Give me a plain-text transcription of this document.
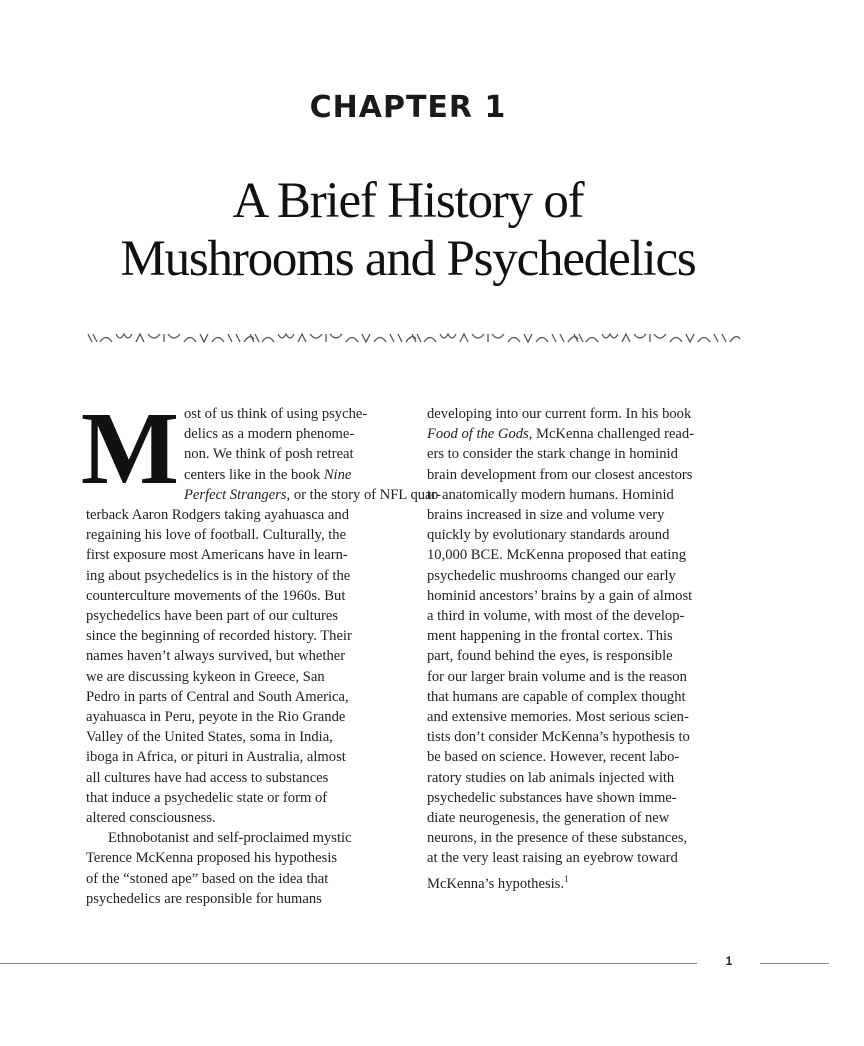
CHAPTER 1
A Brief History of
Mushrooms and Psychedelics
M ost of us think of using psyche-
delics as a modern phenome-
non. We think of posh retreat
centers like in the book Nine
Perfect Strangers, or the story of NFL quar-
terback Aaron Rodgers taking ayahuasca and
regaining his love of football. Culturally, the
first exposure most Americans have in learn-
ing about psychedelics is in the history of the
counterculture movements of the 1960s. But
psychedelics have been part of our cultures
since the beginning of recorded history. Their
names haven’t always survived, but whether
we are discussing kykeon in Greece, San
Pedro in parts of Central and South America,
ayahuasca in Peru, peyote in the Rio Grande
Valley of the United States, soma in India,
iboga in Africa, or pituri in Australia, almost
all cultures have had access to substances
that induce a psychedelic state or form of
altered consciousness.
Ethnobotanist and self-proclaimed mystic
Terence McKenna proposed his hypothesis
of the “stoned ape” based on the idea that
psychedelics are responsible for humans
developing into our current form. In his book
Food of the Gods, McKenna challenged read-
ers to consider the stark change in hominid
brain development from our closest ancestors
to anatomically modern humans. Hominid
brains increased in size and volume very
quickly by evolutionary standards around
10,000 BCE. McKenna proposed that eating
psychedelic mushrooms changed our early
hominid ancestors’ brains by a gain of almost
a third in volume, with most of the develop-
ment happening in the frontal cortex. This
part, found behind the eyes, is responsible
for our larger brain volume and is the reason
that humans are capable of complex thought
and extensive memories. Most serious scien-
tists don’t consider McKenna’s hypothesis to
be based on science. However, recent labo-
ratory studies on lab animals injected with
psychedelic substances have shown imme-
diate neurogenesis, the generation of new
neurons, in the presence of these substances,
at the very least raising an eyebrow toward
McKenna’s hypothesis.$^1$
1
